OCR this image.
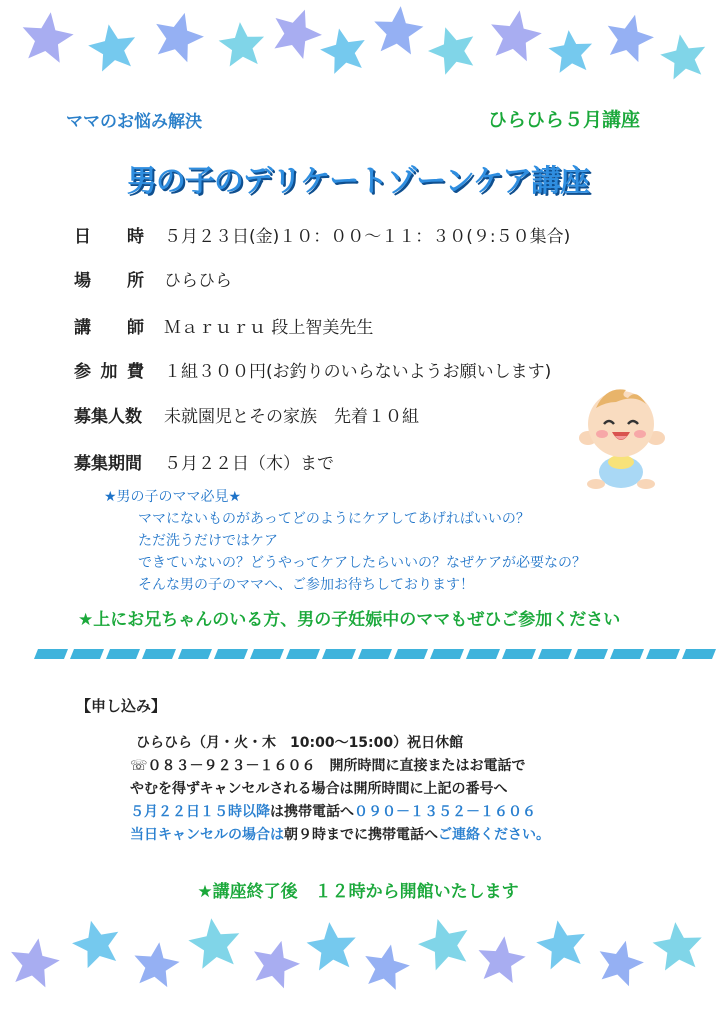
ママのお悩み解決	ひらひら５月講座
男の子のデリケートゾーンケア講座
日 時 ５月２３日(金)１０：００～１１：３０(９:５０集合)
場 所 ひらひら
講 師 Ｍａｒｕｒｕ 段上智美先生
参 加 費 １組３００円(お釣りのいらないようお願いします)
募集人数	未就園児とその家族　先着１０組
募集期間	５月２２日（木）まで
★男の子のママ必見★
ママにないものがあってどのようにケアしてあげればいいの？
ただ洗うだけではケア
できていないの？どうやってケアしたらいいの？なぜケアが必要なの？
そんな男の子のママへ、ご参加お待ちしております！
★上にお兄ちゃんのいる方、男の子妊娠中のママもぜひご参加ください
【申し込み】
ひらひら（月・火・木　10:00～15:00）祝日休館
☏０８３－９２３－１６０６　開所時間に直接またはお電話で
やむを得ずキャンセルされる場合は開所時間に上記の番号へ
５月２２日１５時以降は携帯電話へ０９０－１３５２－１６０６
当日キャンセルの場合は朝９時までに携帯電話へご連絡ください。
★講座終了後　１２時から開館いたします
